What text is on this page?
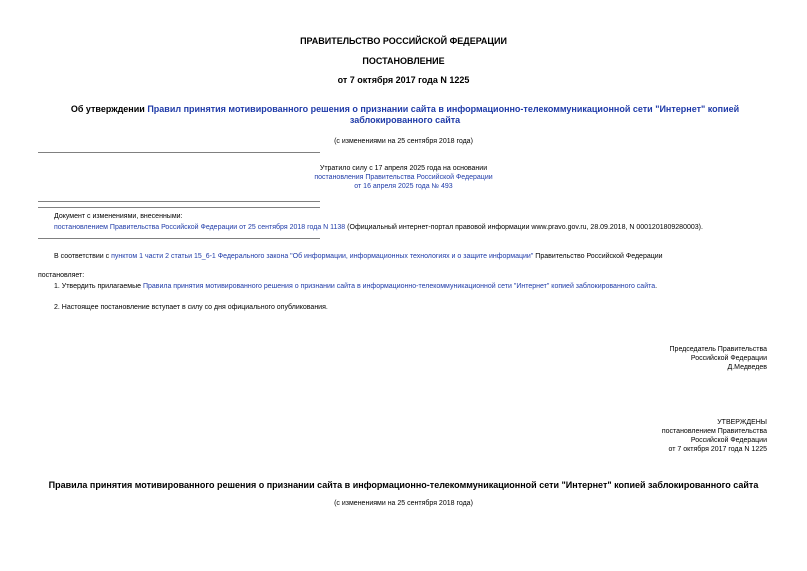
ПРАВИТЕЛЬСТВО РОССИЙСКОЙ ФЕДЕРАЦИИ
ПОСТАНОВЛЕНИЕ
от 7 октября 2017 года N 1225
Об утверждении Правил принятия мотивированного решения о признании сайта в информационно-телекоммуникационной сети "Интернет" копией
заблокированного сайта
(с изменениями на 25 сентября 2018 года)
Утратило силу с 17 апреля 2025 года на основании
постановления Правительства Российской Федерации
от 16 апреля 2025 года № 493
Документ с изменениями, внесенными:
постановлением Правительства Российской Федерации от 25 сентября 2018 года N 1138 (Официальный интернет-портал правовой информации www.pravo.gov.ru, 28.09.2018, N 0001201809280003).
В соответствии с пунктом 1 части 2 статьи 15_6-1 Федерального закона "Об информации, информационных технологиях и о защите информации" Правительство Российской Федерации
постановляет:
1. Утвердить прилагаемые Правила принятия мотивированного решения о признании сайта в информационно-телекоммуникационной сети "Интернет" копией заблокированного сайта.
2. Настоящее постановление вступает в силу со дня официального опубликования.
Председатель Правительства
Российской Федерации
Д.Медведев
УТВЕРЖДЕНЫ
постановлением Правительства
Российской Федерации
от 7 октября 2017 года N 1225
Правила принятия мотивированного решения о признании сайта в информационно-телекоммуникационной сети "Интернет" копией заблокированного сайта
(с изменениями на 25 сентября 2018 года)
